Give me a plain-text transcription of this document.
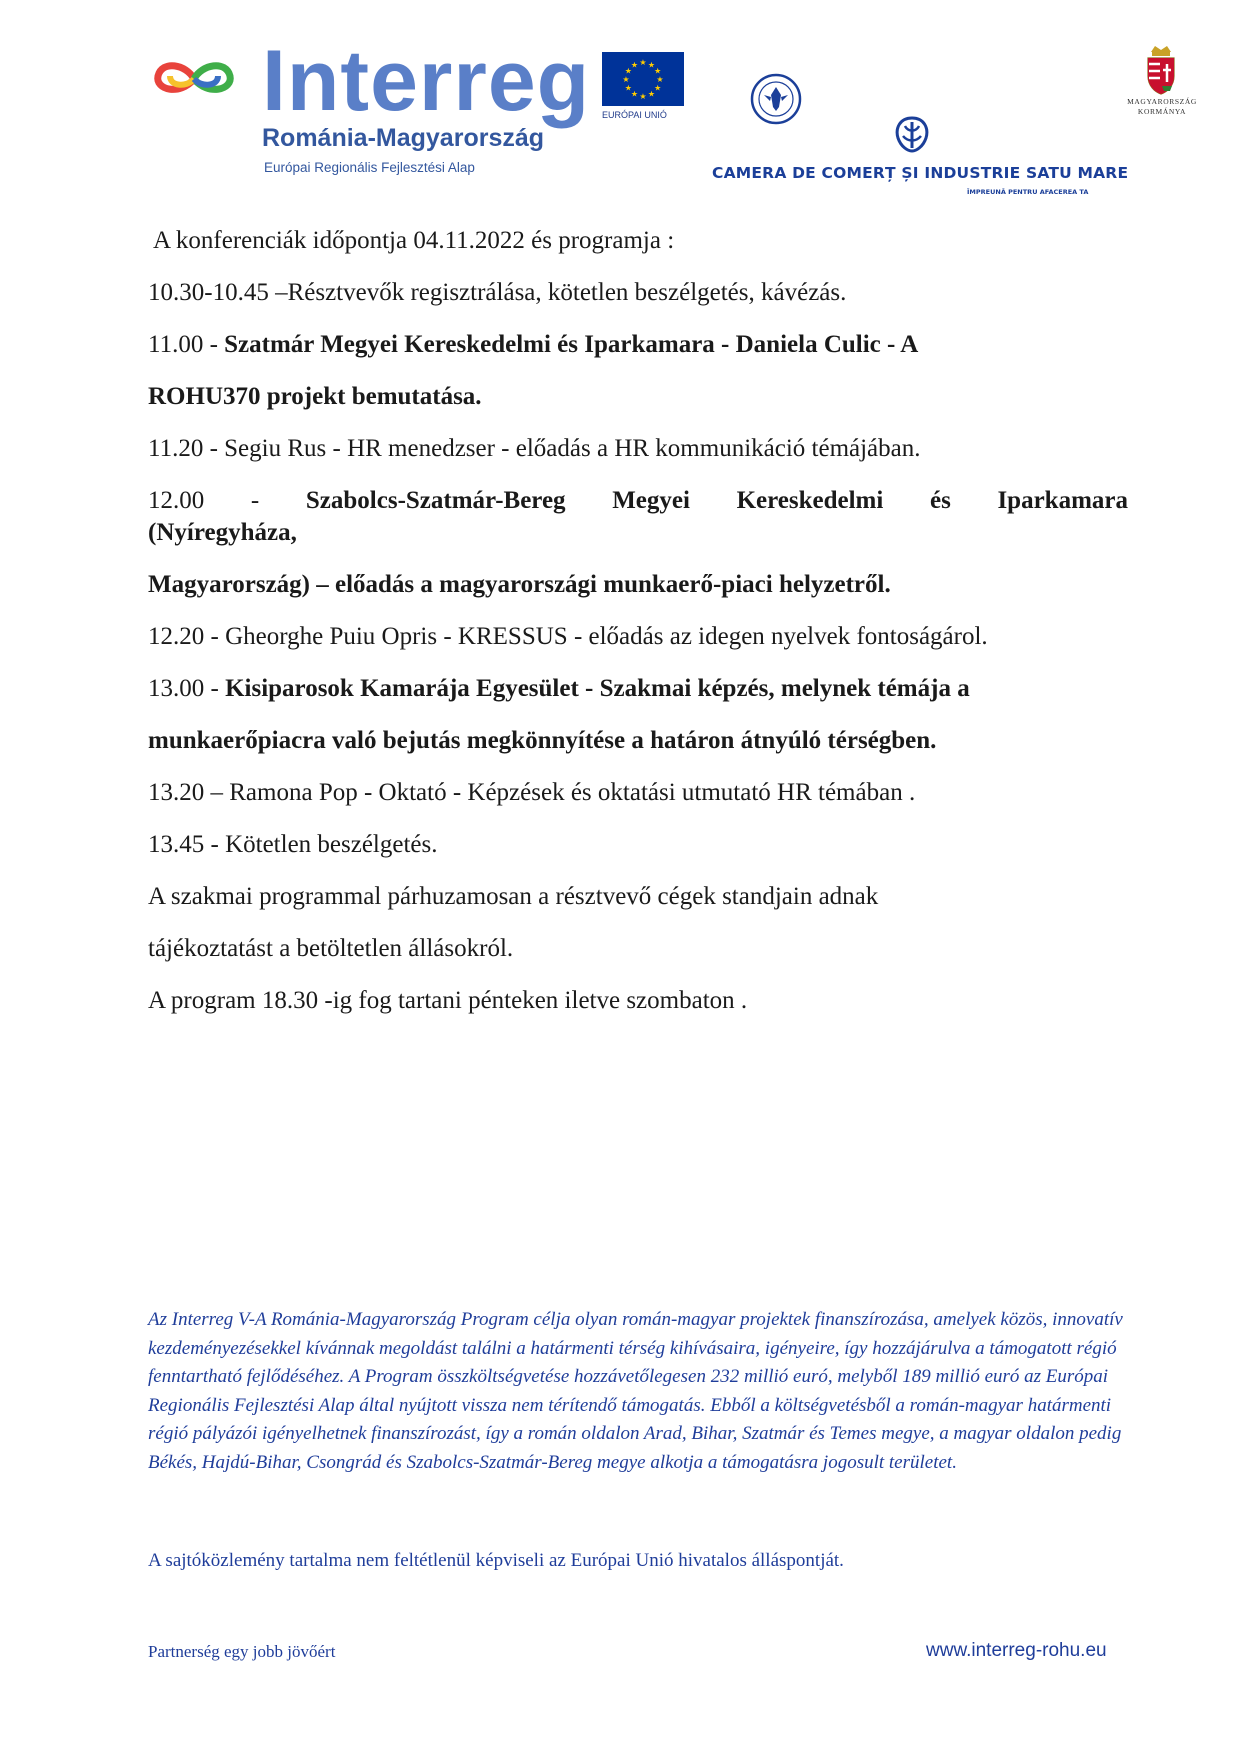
Interreg
Románia-Magyarország
Európai Regionális Fejlesztési Alap
★ ★
★
★
★
★
★
★
★
★
★
★
EURÓPAI UNIÓ
CAMERA DE COMERȚ ȘI INDUSTRIE SATU MARE
ÎMPREUNĂ PENTRU AFACEREA TA
MAGYARORSZÁG
KORMÁNYA

A konferenciák időpontja 04.11.2022 és programja :

10.30-10.45 –Résztvevők regisztrálása, kötetlen beszélgetés, kávézás.

11.00 - Szatmár Megyei Kereskedelmi és Iparkamara - Daniela Culic - A

ROHU370 projekt bemutatása.

11.20 - Segiu Rus - HR menedzser - előadás a HR kommunikáció témájában.

12.00 - Szabolcs-Szatmár-Bereg Megyei Kereskedelmi és Iparkamara

(Nyíregyháza,

Magyarország) – előadás a magyarországi munkaerő-piaci helyzetről.

12.20 - Gheorghe Puiu Opris - KRESSUS - előadás az idegen nyelvek fontoságárol.

13.00 - Kisiparosok Kamarája Egyesület - Szakmai képzés, melynek témája a

munkaerőpiacra való bejutás megkönnyítése a határon átnyúló térségben.

13.20 – Ramona Pop - Oktató - Képzések és oktatási utmutató HR témában .

13.45 - Kötetlen beszélgetés.

A szakmai programmal párhuzamosan a résztvevő cégek standjain adnak

tájékoztatást a betöltetlen állásokról.

A program 18.30 -ig fog tartani pénteken iletve szombaton .

Az Interreg V-A Románia-Magyarország Program célja olyan román-magyar projektek finanszírozása, amelyek közös, innovatív kezdeményezésekkel kívánnak megoldást találni a határmenti térség kihívásaira, igényeire, így hozzájárulva a támogatott régió fenntartható fejlődéséhez. A Program összköltségvetése hozzávetőlegesen 232 millió euró, melyből 189 millió euró az Európai Regionális Fejlesztési Alap által nyújtott vissza nem térítendő támogatás. Ebből a költségvetésből a román-magyar határmenti régió pályázói igényelhetnek finanszírozást, így a román oldalon Arad, Bihar, Szatmár és Temes megye, a magyar oldalon pedig Békés, Hajdú-Bihar, Csongrád és Szabolcs-Szatmár-Bereg megye alkotja a támogatásra jogosult területet.
A sajtóközlemény tartalma nem feltétlenül képviseli az Európai Unió hivatalos álláspontját.
Partnerség egy jobb jövőért	www.interreg-rohu.eu
